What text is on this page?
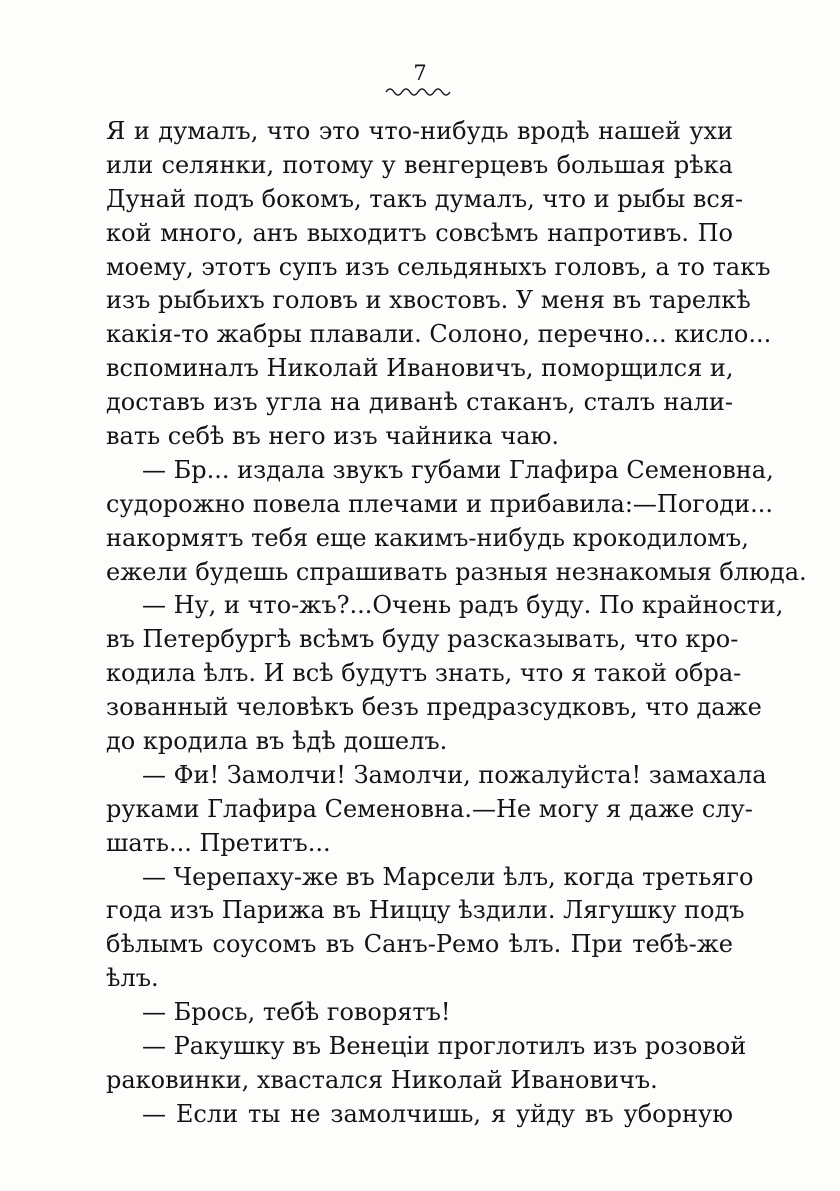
7
Я и думалъ, что это что-нибудь вродѣ нашей ухи
или селянки, потому у венгерцевъ большая рѣка
Дунай подъ бокомъ, такъ думалъ, что и рыбы вся-
кой много, анъ выходитъ совсѣмъ напротивъ. По
моему, этотъ супъ изъ сельдяныхъ головъ, а то такъ
изъ рыбьихъ головъ и хвостовъ. У меня въ тарелкѣ
какія-то жабры плавали. Солоно, перечно... кисло...
вспоминалъ Николай Ивановичъ, поморщился и,
доставъ изъ угла на диванѣ стаканъ, сталъ нали-
вать себѣ въ него изъ чайника чаю.
— Бр... издала звукъ губами Глафира Семеновна,
судорожно повела плечами и прибавила:—Погоди...
накормятъ тебя еще какимъ-нибудь крокодиломъ,
ежели будешь спрашивать разныя незнакомыя блюда.
— Ну, и что-жъ?...Очень радъ буду. По крайности,
въ Петербургѣ всѣмъ буду разсказывать, что кро-
кодила ѣлъ. И всѣ будутъ знать, что я такой обра-
зованный человѣкъ безъ предразсудковъ, что даже
до кродила въ ѣдѣ дошелъ.
— Фи! Замолчи! Замолчи, пожалуйста! замахала
руками Глафира Семеновна.—Не могу я даже слу-
шать... Претитъ...
— Черепаху-же въ Марсели ѣлъ, когда третьяго
года изъ Парижа въ Ниццу ѣздили. Лягушку подъ
бѣлымъ соусомъ въ Санъ-Ремо ѣлъ. При тебѣ-же
ѣлъ.
— Брось, тебѣ говорятъ!
— Ракушку въ Венеціи проглотилъ изъ розовой
раковинки, хвастался Николай Ивановичъ.
— Если ты не замолчишь, я уйду въ уборную
